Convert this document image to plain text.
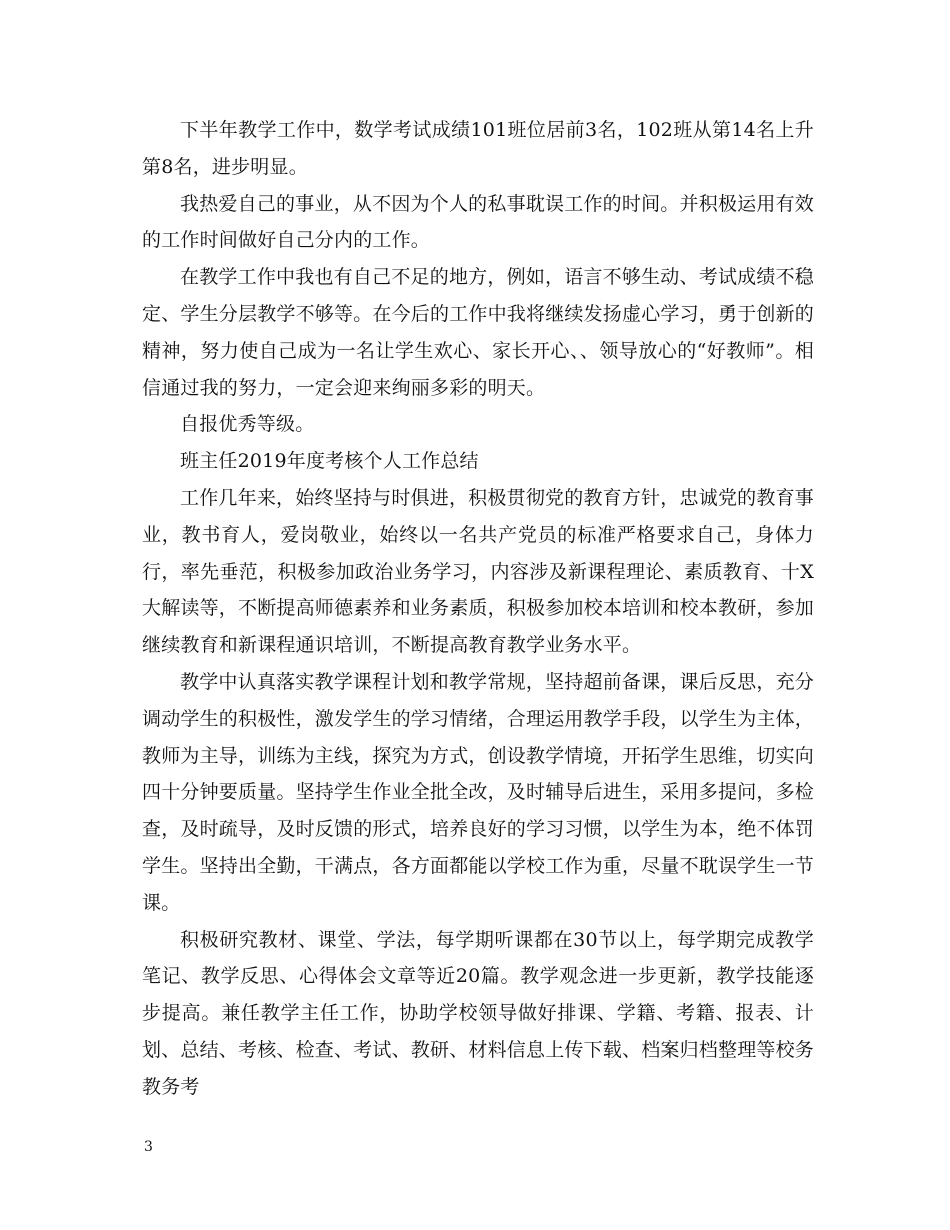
下半年教学工作中，数学考试成绩101班位居前3名，102班从第14名上升第8名，进步明显。

我热爱自己的事业，从不因为个人的私事耽误工作的时间。并积极运用有效的工作时间做好自己分内的工作。

在教学工作中我也有自己不足的地方，例如，语言不够生动、考试成绩不稳定、学生分层教学不够等。在今后的工作中我将继续发扬虚心学习，勇于创新的精神，努力使自己成为一名让学生欢心、家长开心、、领导放心的“好教师”。相信通过我的努力，一定会迎来绚丽多彩的明天。

自报优秀等级。

班主任2019年度考核个人工作总结

工作几年来，始终坚持与时俱进，积极贯彻党的教育方针，忠诚党的教育事业，教书育人，爱岗敬业，始终以一名共产党员的标准严格要求自己，身体力行，率先垂范，积极参加政治业务学习，内容涉及新课程理论、素质教育、十Ⅹ大解读等，不断提高师德素养和业务素质，积极参加校本培训和校本教研，参加继续教育和新课程通识培训，不断提高教育教学业务水平。

教学中认真落实教学课程计划和教学常规，坚持超前备课，课后反思，充分调动学生的积极性，激发学生的学习情绪，合理运用教学手段，以学生为主体，教师为主导，训练为主线，探究为方式，创设教学情境，开拓学生思维，切实向四十分钟要质量。坚持学生作业全批全改，及时辅导后进生，采用多提问，多检查，及时疏导，及时反馈的形式，培养良好的学习习惯，以学生为本，绝不体罚学生。坚持出全勤，干满点，各方面都能以学校工作为重，尽量不耽误学生一节课。

积极研究教材、课堂、学法，每学期听课都在30节以上，每学期完成教学笔记、教学反思、心得体会文章等近20篇。教学观念进一步更新，教学技能逐步提高。兼任教学主任工作，协助学校领导做好排课、学籍、考籍、报表、计划、总结、考核、检查、考试、教研、材料信息上传下载、档案归档整理等校务教务考

3
